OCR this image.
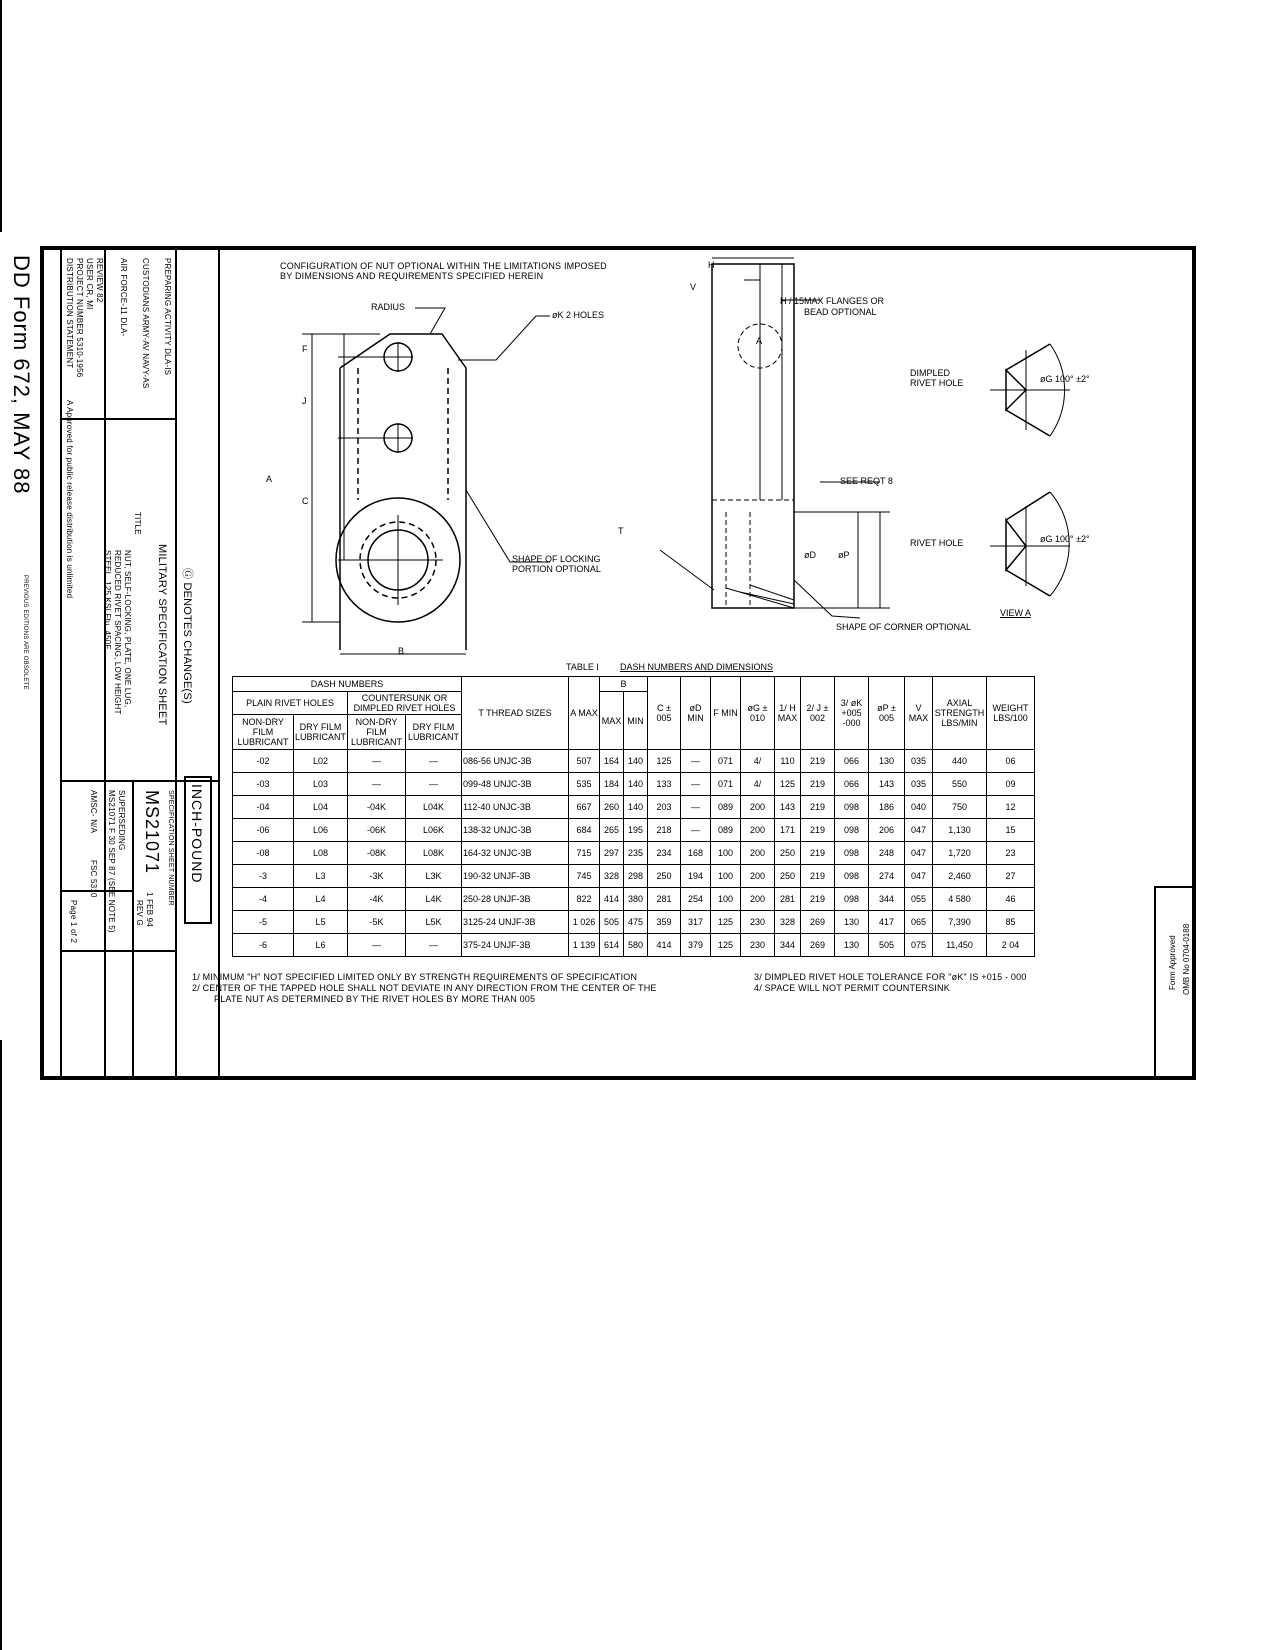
DD Form 672, MAY 88
PREVIOUS EDITIONS ARE OBSOLETE
DISTRIBUTION STATEMENT
A Approved for public release distribution is unlimited
PROJECT NUMBER 5310-1956 USER CR, MI REVIEW 82 AIR FORCE-11 DLA- CUSTODIANS ARMY-AV NAVY-AS PREPARING ACTIVITY DLA-IS
STEEL, 125 KSI Ftu, 450F REDUCED RIVET SPACING, LOW HEIGHT NUT, SELF-LOCKING, PLATE, ONE LUG,
TITLE
MILITARY SPECIFICATION SHEET Ⓖ DENOTES CHANGE(S)
AMSC- N/A
FSC 5310 MS21071 F 30 SEP 87 (SEE NOTE 5) SUPERSEDING
1 FEB 94
REV G
MS21071 SPECIFICATION SHEET NUMBER
Page 1 of 2
INCH-POUND
Form Approved OMB No 0704-0188
CONFIGURATION OF NUT OPTIONAL WITHIN THE LIMITATIONS IMPOSED
BY DIMENSIONS AND REQUIREMENTS SPECIFIED HEREIN
RADIUS
øK 2 HOLES
F
J
A
C
B
H
V
H / 15 MAX FLANGES OR
BEAD OPTIONAL
A
DIMPLED
RIVET HOLE	øG 100° ±2°
SEE REQT 8
T
øD øP
RIVET HOLE	øG 100° ±2°
SHAPE OF LOCKING
PORTION OPTIONAL
VIEW A
SHAPE OF CORNER OPTIONAL
TABLE I DASH NUMBERS AND DIMENSIONS
1/ MINIMUM "H" NOT SPECIFIED LIMITED ONLY BY STRENGTH REQUIREMENTS OF SPECIFICATION
2/ CENTER OF THE TAPPED HOLE SHALL NOT DEVIATE IN ANY DIRECTION FROM THE CENTER OF THE
PLATE NUT AS DETERMINED BY THE RIVET HOLES BY MORE THAN 005
3/ DIMPLED RIVET HOLE TOLERANCE FOR "øK" IS +015 - 000
4/ SPACE WILL NOT PERMIT COUNTERSINK
DASH NUMBERS				T THREAD SIZES	A MAX	B		C ± 005	øD MIN	F MIN	øG ± 010	1/ H MAX	2/ J ± 002	3/ øK +005 -000	øP ± 005	V MAX	AXIAL STRENGTH LBS/MIN	WEIGHT LBS/100
PLAIN RIVET HOLES		COUNTERSUNK OR DIMPLED RIVET HOLES				MAX	MIN											
NON-DRY FILM LUBRICANT	DRY FILM LUBRICANT	NON-DRY FILM LUBRICANT	DRY FILM LUBRICANT															
-02	L02	—	—	086-56 UNJC-3B	507	164	140	125	—	071	4/	110	219	066	130	035	440	06
-03	L03	—	—	099-48 UNJC-3B	535	184	140	133	—	071	4/	125	219	066	143	035	550	09
-04	L04	-04K	L04K	112-40 UNJC-3B	667	260	140	203	—	089	200	143	219	098	186	040	750	12
-06	L06	-06K	L06K	138-32 UNJC-3B	684	265	195	218	—	089	200	171	219	098	206	047	1,130	15
-08	L08	-08K	L08K	164-32 UNJC-3B	715	297	235	234	168	100	200	250	219	098	248	047	1,720	23
-3	L3	-3K	L3K	190-32 UNJF-3B	745	328	298	250	194	100	200	250	219	098	274	047	2,460	27
-4	L4	-4K	L4K	250-28 UNJF-3B	822	414	380	281	254	100	200	281	219	098	344	055	4 580	46
-5	L5	-5K	L5K	3125-24 UNJF-3B	1 026	505	475	359	317	125	230	328	269	130	417	065	7,390	85
-6	L6	—	—	375-24 UNJF-3B	1 139	614	580	414	379	125	230	344	269	130	505	075	11,450	2 04
